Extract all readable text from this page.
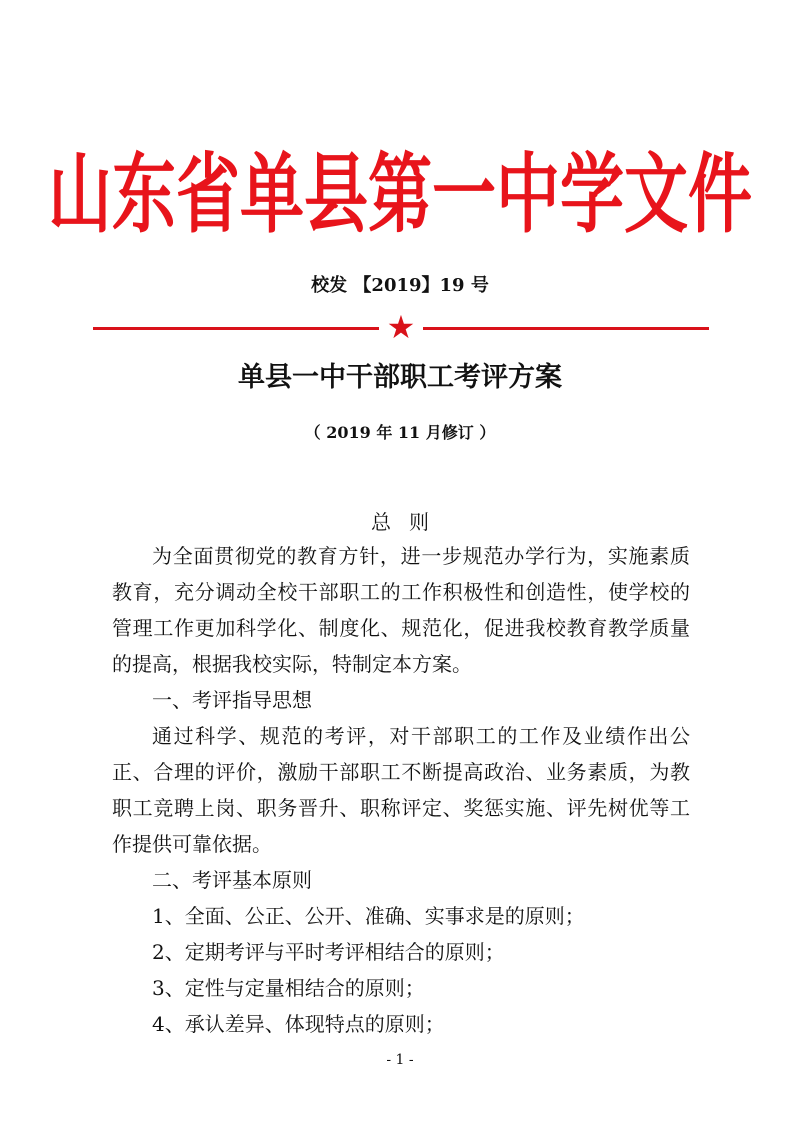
山东省单县第一中学文件
校发 【2019】19 号
★
单县一中干部职工考评方案
（ 2019 年 11 月修订 ）
总则
为全面贯彻党的教育方针，进一步规范办学行为，实施素质教育，充分调动全校干部职工的工作积极性和创造性，使学校的管理工作更加科学化、制度化、规范化，促进我校教育教学质量的提高，根据我校实际，特制定本方案。
一、考评指导思想
通过科学、规范的考评，对干部职工的工作及业绩作出公正、合理的评价，激励干部职工不断提高政治、业务素质，为教职工竞聘上岗、职务晋升、职称评定、奖惩实施、评先树优等工作提供可靠依据。
二、考评基本原则
1、全面、公正、公开、准确、实事求是的原则；
2、定期考评与平时考评相结合的原则；
3、定性与定量相结合的原则；
4、承认差异、体现特点的原则；
- 1 -
